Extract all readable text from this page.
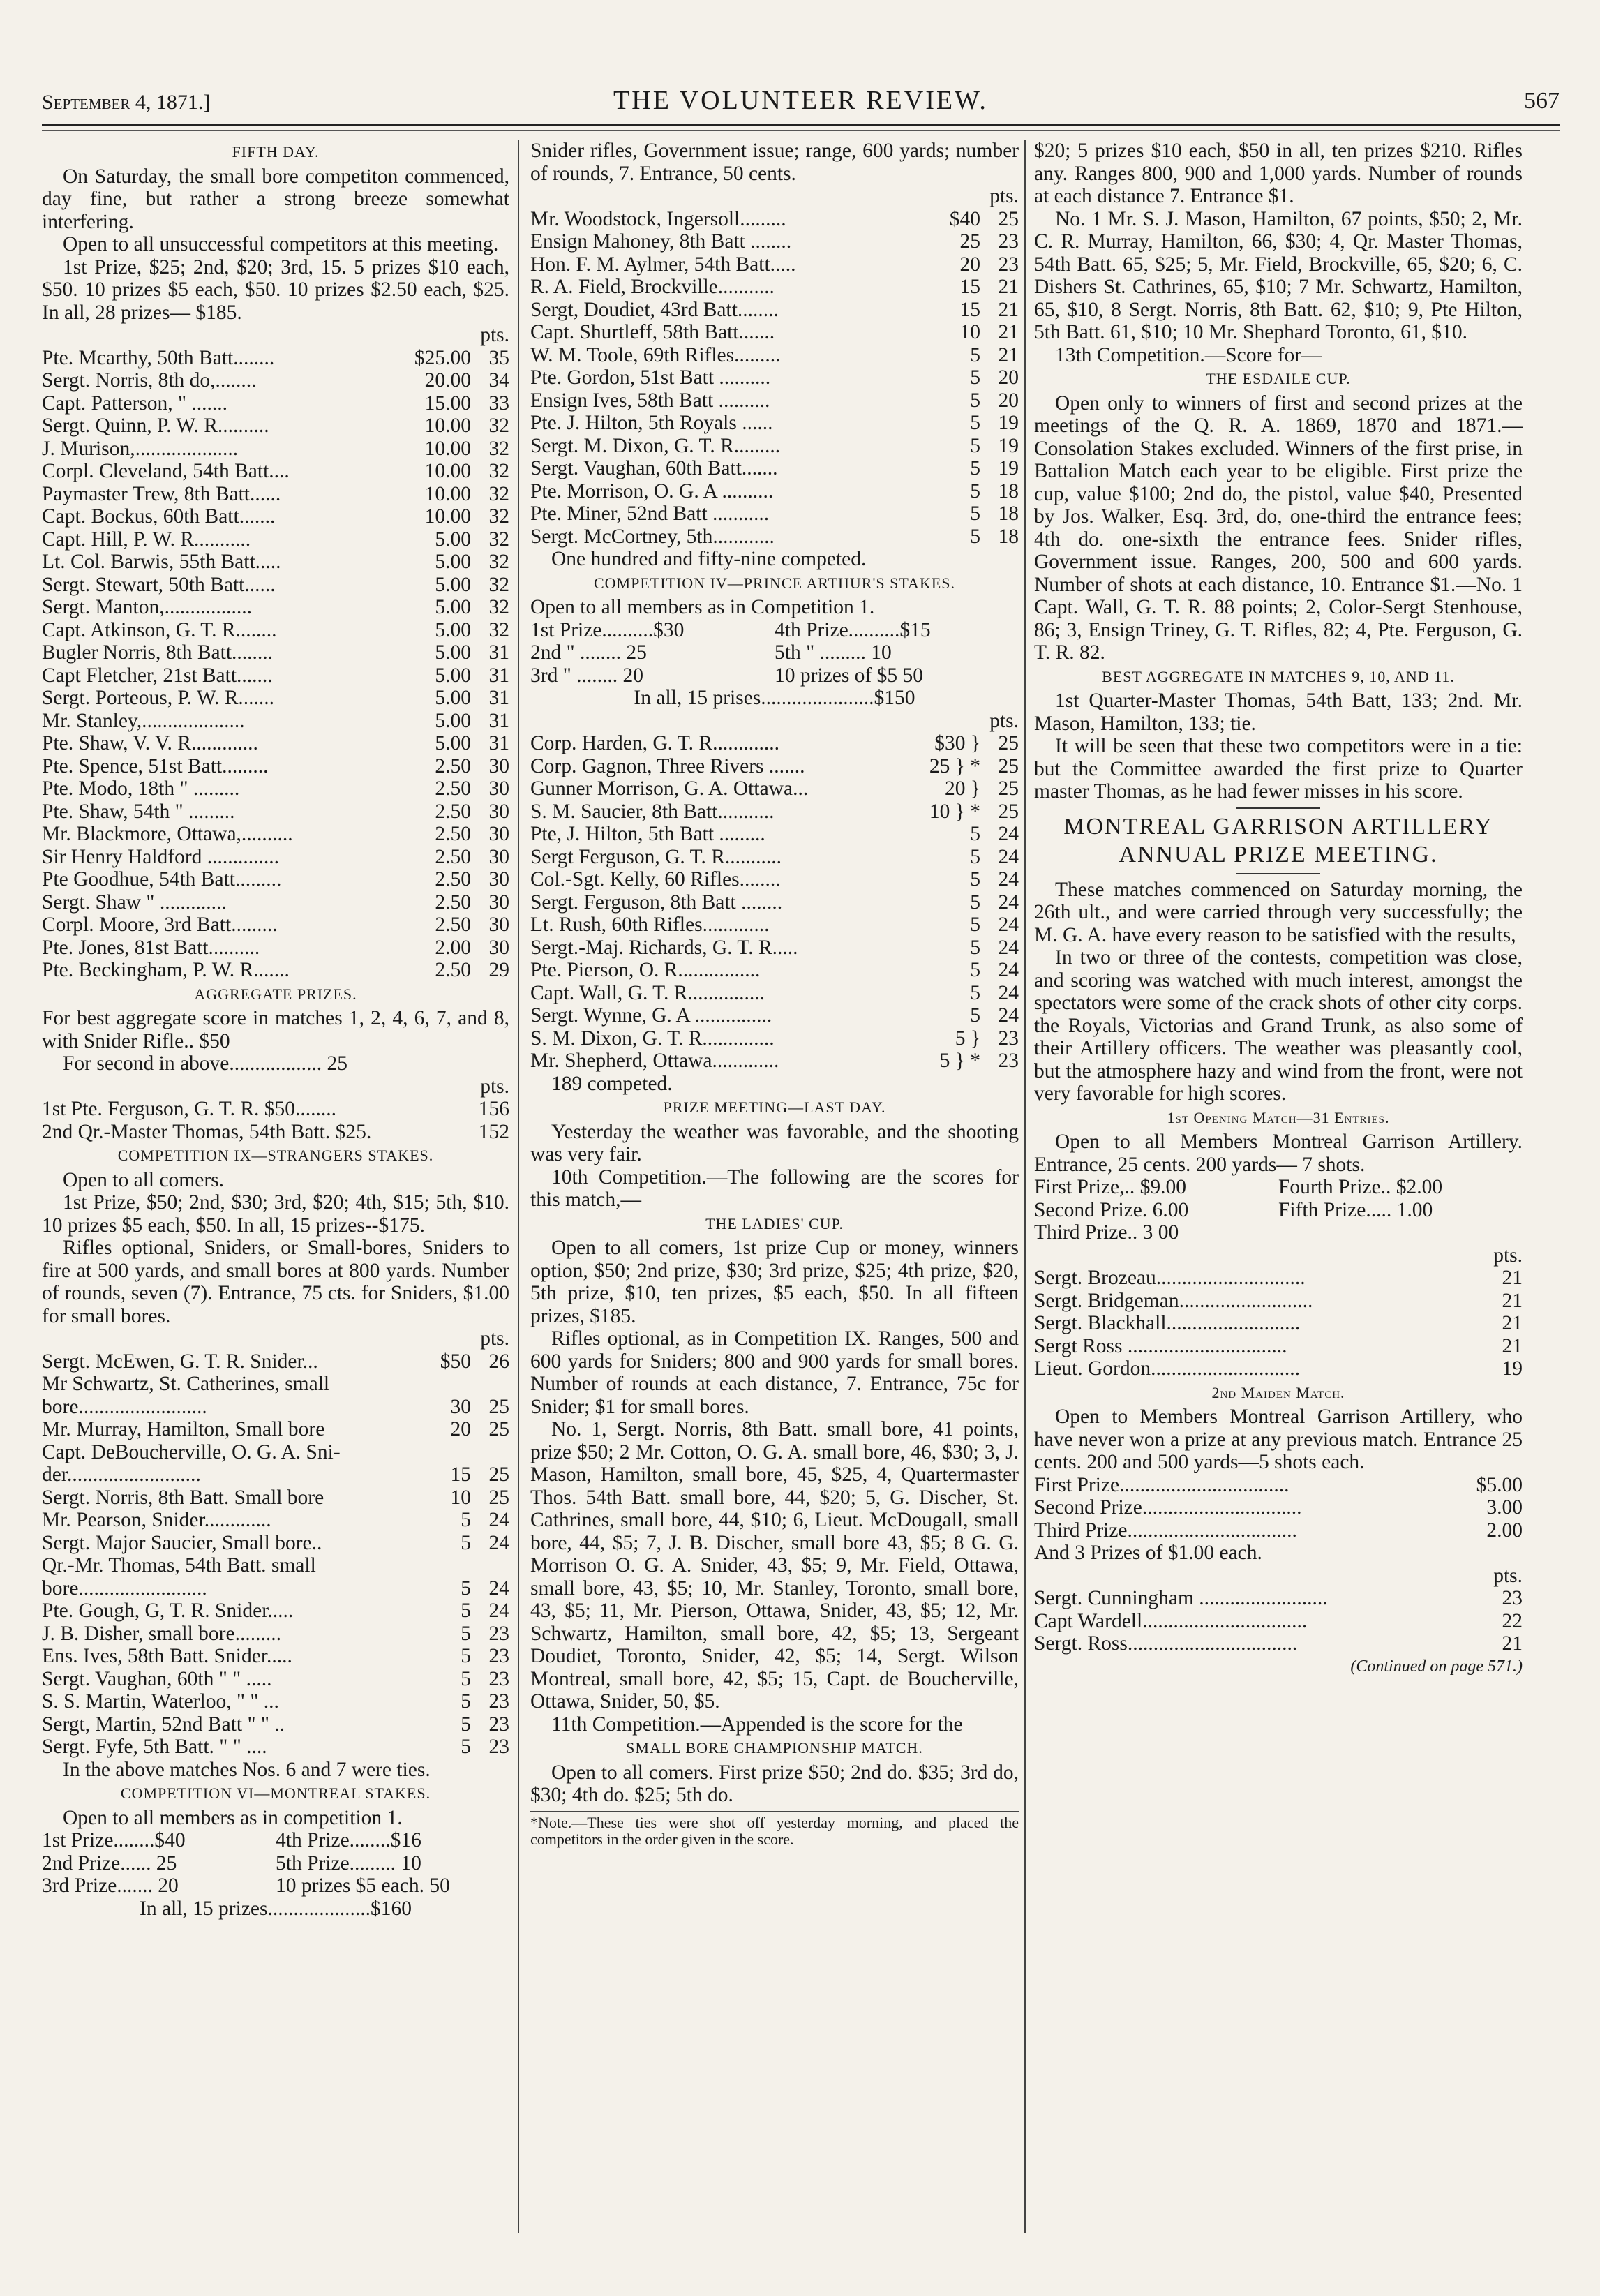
September 4, 1871.]	THE VOLUNTEER REVIEW.	567
FIFTH DAY.

On Saturday, the small bore competiton commenced, day fine, but rather a strong breeze somewhat interfering.

Open to all unsuccessful competitors at this meeting.

1st Prize, $25; 2nd, $20; 3rd, 15. 5 prizes $10 each, $50. 10 prizes $5 each, $50. 10 prizes $2.50 each, $25. In all, 28 prizes— $185.

pts.
Pte. Mcarthy, 50th Batt........	$25.00 35
Sergt. Norris, 8th do,........	20.00 34
Capt. Patterson, " .......	15.00 33
Sergt. Quinn, P. W. R..........	10.00 32
J. Murison,....................	10.00 32
Corpl. Cleveland, 54th Batt....	10.00 32
Paymaster Trew, 8th Batt......	10.00 32
Capt. Bockus, 60th Batt.......	10.00 32
Capt. Hill, P. W. R...........	5.00 32
Lt. Col. Barwis, 55th Batt.....	5.00 32
Sergt. Stewart, 50th Batt......	5.00 32
Sergt. Manton,.................	5.00 32
Capt. Atkinson, G. T. R........	5.00 32
Bugler Norris, 8th Batt........	5.00 31
Capt Fletcher, 21st Batt.......	5.00 31
Sergt. Porteous, P. W. R.......	5.00 31
Mr. Stanley,....................	5.00 31
Pte. Shaw, V. V. R.............	5.00 31
Pte. Spence, 51st Batt.........	2.50 30
Pte. Modo, 18th " .........	2.50 30
Pte. Shaw, 54th " .........	2.50 30
Mr. Blackmore, Ottawa,..........	2.50 30
Sir Henry Haldford ..............	2.50 30
Pte Goodhue, 54th Batt.........	2.50 30
Sergt. Shaw " .............	2.50 30
Corpl. Moore, 3rd Batt.........	2.50 30
Pte. Jones, 81st Batt..........	2.00 30
Pte. Beckingham, P. W. R.......	2.50 29
AGGREGATE PRIZES.

For best aggregate score in matches 1, 2, 4, 6, 7, and 8, with Snider Rifle.. $50

For second in above.................. 25

pts.
1st Pte. Ferguson, G. T. R. $50........	156
2nd Qr.-Master Thomas, 54th Batt. $25.	152
COMPETITION IX—STRANGERS STAKES.

Open to all comers.

1st Prize, $50; 2nd, $30; 3rd, $20; 4th, $15; 5th, $10. 10 prizes $5 each, $50. In all, 15 prizes--$175.

Rifles optional, Sniders, or Small-bores, Sniders to fire at 500 yards, and small bores at 800 yards. Number of rounds, seven (7). Entrance, 75 cts. for Sniders, $1.00 for small bores.

pts.
Sergt. McEwen, G. T. R. Snider...	$50 26
Mr Schwartz, St. Catherines, small
bore.........................	30 25
Mr. Murray, Hamilton, Small bore	20 25
Capt. DeBoucherville, O. G. A. Sni-
der..........................	15 25
Sergt. Norris, 8th Batt. Small bore	10 25
Mr. Pearson, Snider.............	5 24
Sergt. Major Saucier, Small bore..	5 24
Qr.-Mr. Thomas, 54th Batt. small
bore.........................	5 24
Pte. Gough, G, T. R. Snider.....	5 24
J. B. Disher, small bore.........	5 23
Ens. Ives, 58th Batt. Snider.....	5 23
Sergt. Vaughan, 60th " " .....	5 23
S. S. Martin, Waterloo, " " ...	5 23
Sergt, Martin, 52nd Batt " " ..	5 23
Sergt. Fyfe, 5th Batt. " " ....	5 23

In the above matches Nos. 6 and 7 were ties.

COMPETITION VI—MONTREAL STAKES.

Open to all members as in competition 1.

1st Prize........$40	4th Prize........$16
2nd Prize...... 25	5th Prize......... 10
3rd Prize....... 20	10 prizes $5 each. 50

In all, 15 prizes....................$160

Snider rifles, Government issue; range, 600 yards; number of rounds, 7. Entrance, 50 cents.

pts.
Mr. Woodstock, Ingersoll.........	$40 25
Ensign Mahoney, 8th Batt ........	25 23
Hon. F. M. Aylmer, 54th Batt.....	20 23
R. A. Field, Brockville...........	15 21
Sergt, Doudiet, 43rd Batt........	15 21
Capt. Shurtleff, 58th Batt.......	10 21
W. M. Toole, 69th Rifles.........	5 21
Pte. Gordon, 51st Batt ..........	5 20
Ensign Ives, 58th Batt ..........	5 20
Pte. J. Hilton, 5th Royals ......	5 19
Sergt. M. Dixon, G. T. R.........	5 19
Sergt. Vaughan, 60th Batt.......	5 19
Pte. Morrison, O. G. A ..........	5 18
Pte. Miner, 52nd Batt ...........	5 18
Sergt. McCortney, 5th............	5 18

One hundred and fifty-nine competed.

COMPETITION IV—PRINCE ARTHUR'S STAKES.

Open to all members as in Competition 1.

1st Prize..........$30	4th Prize..........$15
2nd " ........ 25	5th " ......... 10
3rd " ........ 20	10 prizes of $5 50

In all, 15 prises......................$150

pts.
Corp. Harden, G. T. R.............	$30 } 25
Corp. Gagnon, Three Rivers .......	25 } * 25
Gunner Morrison, G. A. Ottawa...	20 } 25
S. M. Saucier, 8th Batt...........	10 } * 25
Pte, J. Hilton, 5th Batt .........	5 24
Sergt Ferguson, G. T. R...........	5 24
Col.-Sgt. Kelly, 60 Rifles........	5 24
Sergt. Ferguson, 8th Batt ........	5 24
Lt. Rush, 60th Rifles.............	5 24
Sergt.-Maj. Richards, G. T. R.....	5 24
Pte. Pierson, O. R................	5 24
Capt. Wall, G. T. R...............	5 24
Sergt. Wynne, G. A ...............	5 24
S. M. Dixon, G. T. R..............	5 } 23
Mr. Shepherd, Ottawa.............	5 } * 23

189 competed.

PRIZE MEETING—LAST DAY.

Yesterday the weather was favorable, and the shooting was very fair.

10th Competition.—The following are the scores for this match,—

THE LADIES' CUP.

Open to all comers, 1st prize Cup or money, winners option, $50; 2nd prize, $30; 3rd prize, $25; 4th prize, $20, 5th prize, $10, ten prizes, $5 each, $50. In all fifteen prizes, $185.

Rifles optional, as in Competition IX. Ranges, 500 and 600 yards for Sniders; 800 and 900 yards for small bores. Number of rounds at each distance, 7. Entrance, 75c for Snider; $1 for small bores.

No. 1, Sergt. Norris, 8th Batt. small bore, 41 points, prize $50; 2 Mr. Cotton, O. G. A. small bore, 46, $30; 3, J. Mason, Hamilton, small bore, 45, $25, 4, Quartermaster Thos. 54th Batt. small bore, 44, $20; 5, G. Discher, St. Cathrines, small bore, 44, $10; 6, Lieut. McDougall, small bore, 44, $5; 7, J. B. Discher, small bore 43, $5; 8 G. G. Morrison O. G. A. Snider, 43, $5; 9, Mr. Field, Ottawa, small bore, 43, $5; 10, Mr. Stanley, Toronto, small bore, 43, $5; 11, Mr. Pierson, Ottawa, Snider, 43, $5; 12, Mr. Schwartz, Hamilton, small bore, 42, $5; 13, Sergeant Doudiet, Toronto, Snider, 42, $5; 14, Sergt. Wilson Montreal, small bore, 42, $5; 15, Capt. de Boucherville, Ottawa, Snider, 50, $5.

11th Competition.—Appended is the score for the

SMALL BORE CHAMPIONSHIP MATCH.

Open to all comers. First prize $50; 2nd do. $35; 3rd do, $30; 4th do. $25; 5th do.

*Note.—These ties were shot off yesterday morning, and placed the competitors in the order given in the score.

$20; 5 prizes $10 each, $50 in all, ten prizes $210. Rifles any. Ranges 800, 900 and 1,000 yards. Number of rounds at each distance 7. Entrance $1.

No. 1 Mr. S. J. Mason, Hamilton, 67 points, $50; 2, Mr. C. R. Murray, Hamilton, 66, $30; 4, Qr. Master Thomas, 54th Batt. 65, $25; 5, Mr. Field, Brockville, 65, $20; 6, C. Dishers St. Cathrines, 65, $10; 7 Mr. Schwartz, Hamilton, 65, $10, 8 Sergt. Norris, 8th Batt. 62, $10; 9, Pte Hilton, 5th Batt. 61, $10; 10 Mr. Shephard Toronto, 61, $10.

13th Competition.—Score for—

THE ESDAILE CUP.

Open only to winners of first and second prizes at the meetings of the Q. R. A. 1869, 1870 and 1871.—Consolation Stakes excluded. Winners of the first prise, in Battalion Match each year to be eligible. First prize the cup, value $100; 2nd do, the pistol, value $40, Presented by Jos. Walker, Esq. 3rd, do, one-third the entrance fees; 4th do. one-sixth the entrance fees. Snider rifles, Government issue. Ranges, 200, 500 and 600 yards. Number of shots at each distance, 10. Entrance $1.—No. 1 Capt. Wall, G. T. R. 88 points; 2, Color-Sergt Stenhouse, 86; 3, Ensign Triney, G. T. Rifles, 82; 4, Pte. Ferguson, G. T. R. 82.

BEST AGGREGATE IN MATCHES 9, 10, AND 11.

1st Quarter-Master Thomas, 54th Batt, 133; 2nd. Mr. Mason, Hamilton, 133; tie.

It will be seen that these two competitors were in a tie: but the Committee awarded the first prize to Quarter master Thomas, as he had fewer misses in his score.

MONTREAL GARRISON ARTILLERY ANNUAL PRIZE MEETING.

These matches commenced on Saturday morning, the 26th ult., and were carried through very successfully; the M. G. A. have every reason to be satisfied with the results,

In two or three of the contests, competition was close, and scoring was watched with much interest, amongst the spectators were some of the crack shots of other city corps. the Royals, Victorias and Grand Trunk, as also some of their Artillery officers. The weather was pleasantly cool, but the atmosphere hazy and wind from the front, were not very favorable for high scores.

1st Opening Match—31 Entries.

Open to all Members Montreal Garrison Artillery. Entrance, 25 cents. 200 yards— 7 shots.

First Prize,.. $9.00	Fourth Prize.. $2.00
Second Prize. 6.00	Fifth Prize..... 1.00
Third Prize.. 3 00
pts.
Sergt. Brozeau.............................	21
Sergt. Bridgeman..........................	21
Sergt. Blackhall..........................	21
Sergt Ross ...............................	21
Lieut. Gordon.............................	19
2nd Maiden Match.

Open to Members Montreal Garrison Artillery, who have never won a prize at any previous match. Entrance 25 cents. 200 and 500 yards—5 shots each.

First Prize.................................	$5.00
Second Prize...............................	3.00
Third Prize.................................	2.00

And 3 Prizes of $1.00 each.

pts.
Sergt. Cunningham .........................	23
Capt Wardell................................	22
Sergt. Ross.................................	21
(Continued on page 571.)
